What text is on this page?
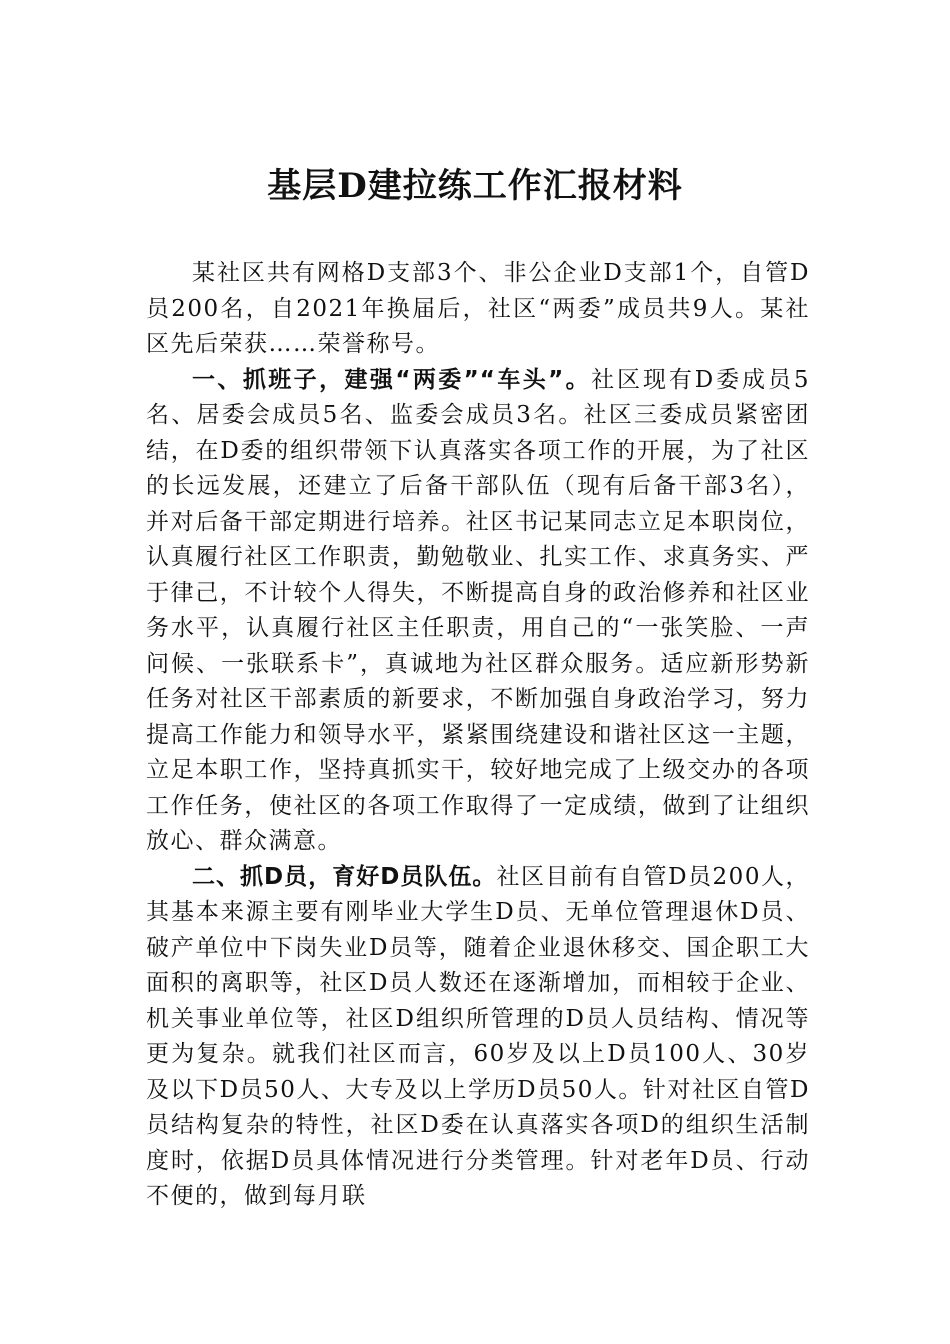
基层D建拉练工作汇报材料

某社区共有网格D支部3个、非公企业D支部1个，自管D员200名，自2021年换届后，社区“两委”成员共9人。某社区先后荣获……荣誉称号。

一、抓班子，建强“两委”“车头”。社区现有D委成员5名、居委会成员5名、监委会成员3名。社区三委成员紧密团结，在D委的组织带领下认真落实各项工作的开展，为了社区的长远发展，还建立了后备干部队伍（现有后备干部3名），并对后备干部定期进行培养。社区书记某同志立足本职岗位，认真履行社区工作职责，勤勉敬业、扎实工作、求真务实、严于律己，不计较个人得失，不断提高自身的政治修养和社区业务水平，认真履行社区主任职责，用自己的“一张笑脸、一声问候、一张联系卡”，真诚地为社区群众服务。适应新形势新任务对社区干部素质的新要求，不断加强自身政治学习，努力提高工作能力和领导水平，紧紧围绕建设和谐社区这一主题，立足本职工作，坚持真抓实干，较好地完成了上级交办的各项工作任务，使社区的各项工作取得了一定成绩，做到了让组织放心、群众满意。

二、抓D员，育好D员队伍。社区目前有自管D员200人，其基本来源主要有刚毕业大学生D员、无单位管理退休D员、破产单位中下岗失业D员等，随着企业退休移交、国企职工大面积的离职等，社区D员人数还在逐渐增加，而相较于企业、机关事业单位等，社区D组织所管理的D员人员结构、情况等更为复杂。就我们社区而言，60岁及以上D员100人、30岁及以下D员50人、大专及以上学历D员50人。针对社区自管D员结构复杂的特性，社区D委在认真落实各项D的组织生活制度时，依据D员具体情况进行分类管理。针对老年D员、行动不便的，做到每月联
